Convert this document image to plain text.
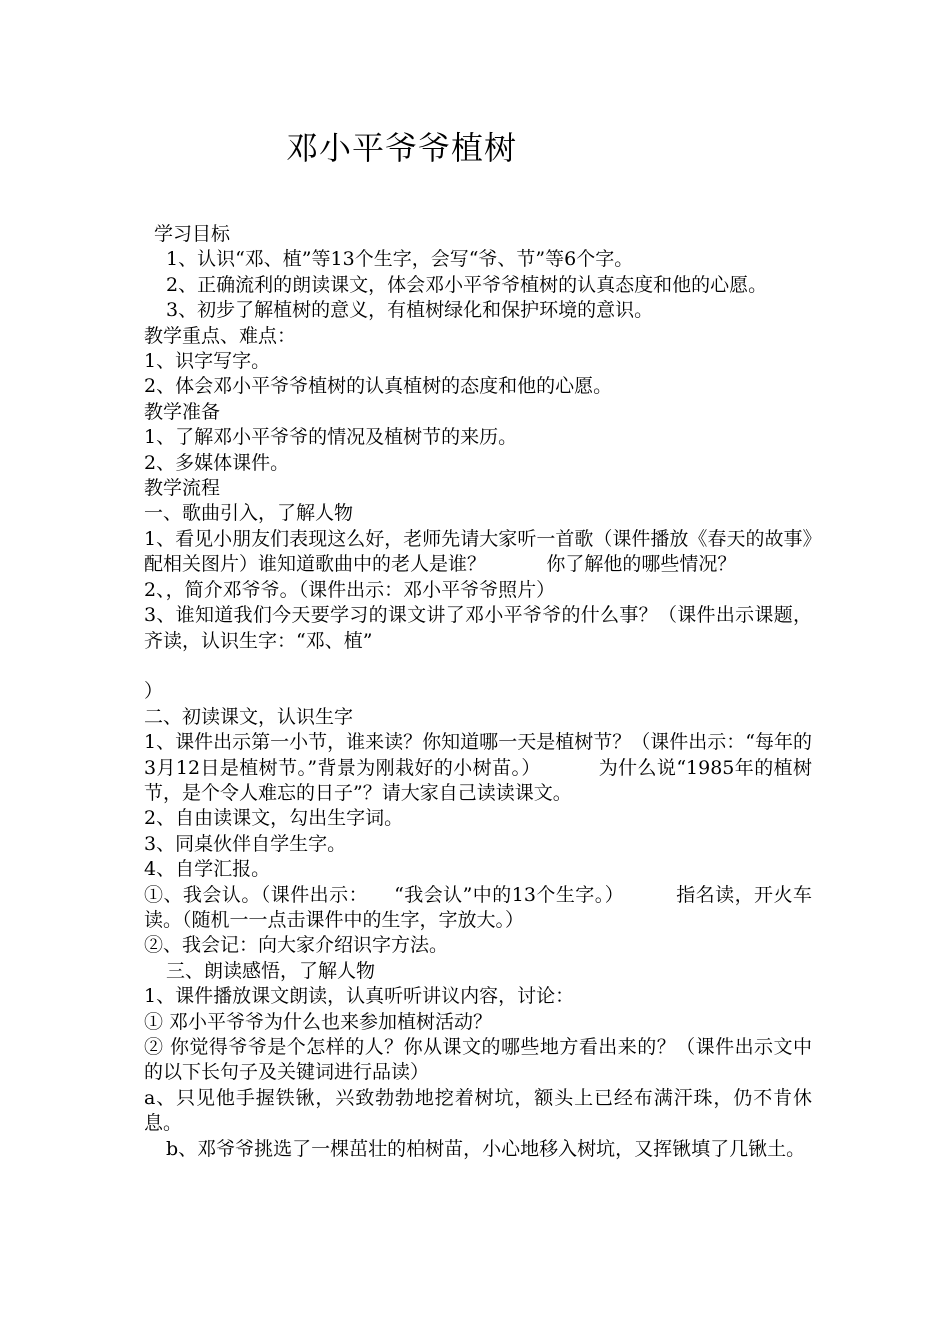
邓小平爷爷植树

学习目标

1、认识“邓、植”等13个生字，会写“爷、节”等6个字。

2、正确流利的朗读课文，体会邓小平爷爷植树的认真态度和他的心愿。

3、初步了解植树的意义，有植树绿化和保护环境的意识。

教学重点、难点：

1、识字写字。

2、体会邓小平爷爷植树的认真植树的态度和他的心愿。

教学准备

1、了解邓小平爷爷的情况及植树节的来历。

2、多媒体课件。

教学流程

一、歌曲引入，了解人物

1、看见小朋友们表现这么好，老师先请大家听一首歌（课件播放《春天的故事》配相关图片）谁知道歌曲中的老人是谁？          你了解他的哪些情况？

2、，简介邓爷爷。（课件出示：邓小平爷爷照片）

3、谁知道我们今天要学习的课文讲了邓小平爷爷的什么事？（课件出示课题，齐读，认识生字：“邓、植”

）

二、初读课文，认识生字

1、课件出示第一小节，谁来读？你知道哪一天是植树节？（课件出示：“每年的3月12日是植树节。”背景为刚栽好的小树苗。）         为什么说“1985年的植树节，是个令人难忘的日子”？请大家自己读读课文。

2、自由读课文，勾出生字词。

3、同桌伙伴自学生字。

4、自学汇报。

①、我会认。（课件出示：    “我会认”中的13个生字。）        指名读，开火车读。（随机一一点击课件中的生字，字放大。）

②、我会记：向大家介绍识字方法。

三、朗读感悟，了解人物

1、课件播放课文朗读，认真听听讲议内容，讨论：

① 邓小平爷爷为什么也来参加植树活动？

② 你觉得爷爷是个怎样的人？你从课文的哪些地方看出来的？（课件出示文中的以下长句子及关键词进行品读）

a、只见他手握铁锹，兴致勃勃地挖着树坑，额头上已经布满汗珠，仍不肯休息。

b、邓爷爷挑选了一棵茁壮的柏树苗，小心地移入树坑，又挥锹填了几锹土。
